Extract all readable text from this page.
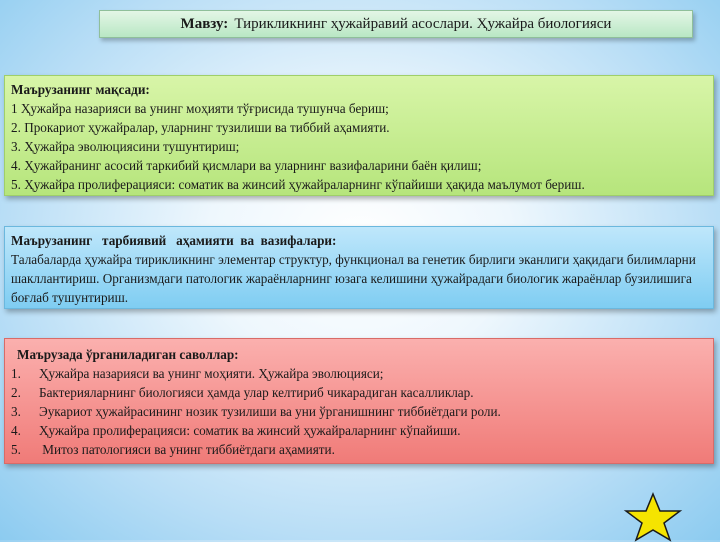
Мавзу: Тирикликнинг ҳужайравий асослари. Ҳужайра биологияси
Маърузанинг мақсади:
1 Ҳужайра назарияси ва унинг моҳияти тўғрисида тушунча бериш;
2. Прокариот ҳужайралар, уларнинг тузилиши ва тиббий аҳамияти.
3. Ҳужайра эволюциясини тушунтириш;
4. Ҳужайранинг асосий таркибий қисмлари ва уларнинг вазифаларини баён қилиш;
5. Ҳужайра пролиферацияси: соматик ва жинсий ҳужайраларнинг кўпайиши ҳақида маълумот бериш.
Маърузанинг   тарбиявий   аҳамияти  ва  вазифалари:
Талабаларда ҳужайра тирикликнинг элементар структур, функционал ва генетик бирлиги эканлиги ҳақидаги билимларни шакллантириш. Организмдаги патологик жараёнларнинг юзага келишини ҳужайрадаги биологик жараёнлар бузилишига боғлаб тушунтириш.
Маърузада ўрганиладиган саволлар:
1.	Ҳужайра назарияси ва унинг моҳияти. Ҳужайра эволюцияси;
2.	Бактерияларнинг биологияси ҳамда улар келтириб чикарадиган касалликлар.
3.	Эукариот ҳужайрасининг нозик тузилиши ва уни ўрганишнинг тиббиётдаги роли.
4.	Ҳужайра пролиферацияси: соматик ва жинсий ҳужайраларнинг кўпайиши.
5.	Митоз патологияси ва унинг тиббиётдаги аҳамияти.
